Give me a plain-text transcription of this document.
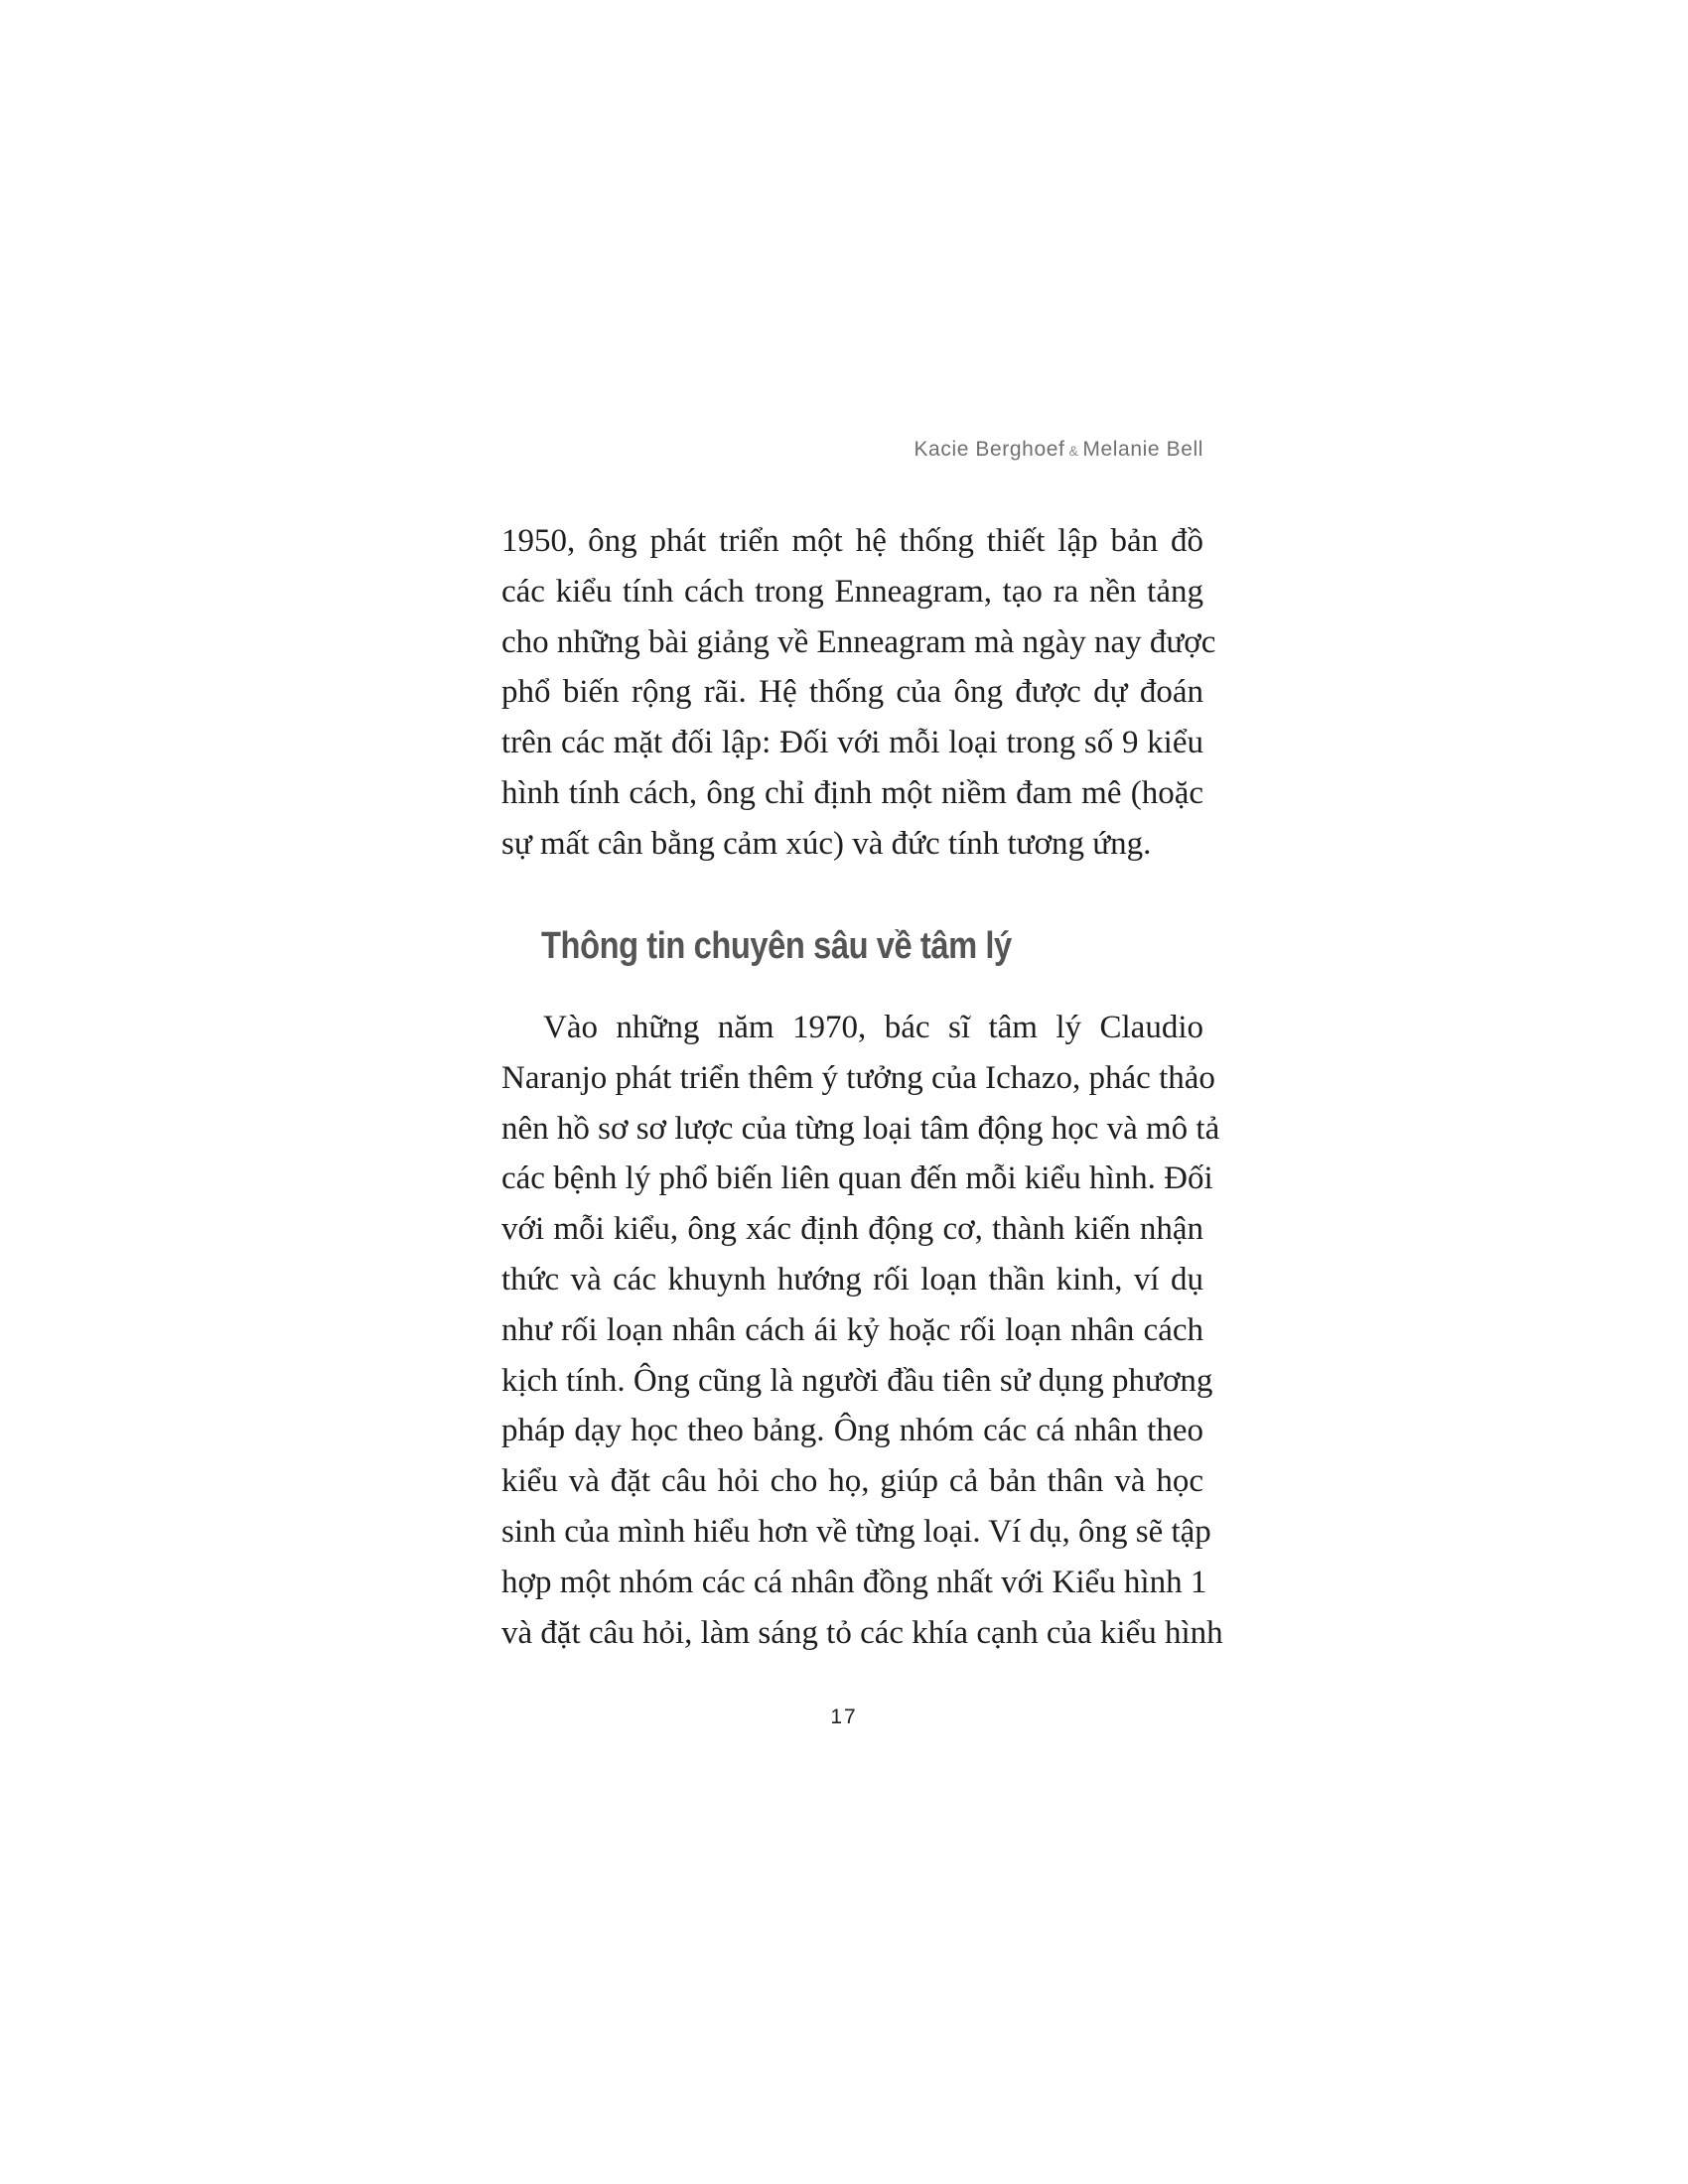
Kacie Berghoef & Melanie Bell
1950, ông phát triển một hệ thống thiết lập bản đồ
các kiểu tính cách trong Enneagram, tạo ra nền tảng
cho những bài giảng về Enneagram mà ngày nay được
phổ biến rộng rãi. Hệ thống của ông được dự đoán
trên các mặt đối lập: Đối với mỗi loại trong số 9 kiểu
hình tính cách, ông chỉ định một niềm đam mê (hoặc
sự mất cân bằng cảm xúc) và đức tính tương ứng.
Thông tin chuyên sâu về tâm lý
Vào những năm 1970, bác sĩ tâm lý Claudio
Naranjo phát triển thêm ý tưởng của Ichazo, phác thảo
nên hồ sơ sơ lược của từng loại tâm động học và mô tả
các bệnh lý phổ biến liên quan đến mỗi kiểu hình. Đối
với mỗi kiểu, ông xác định động cơ, thành kiến nhận
thức và các khuynh hướng rối loạn thần kinh, ví dụ
như rối loạn nhân cách ái kỷ hoặc rối loạn nhân cách
kịch tính. Ông cũng là người đầu tiên sử dụng phương
pháp dạy học theo bảng. Ông nhóm các cá nhân theo
kiểu và đặt câu hỏi cho họ, giúp cả bản thân và học
sinh của mình hiểu hơn về từng loại. Ví dụ, ông sẽ tập
hợp một nhóm các cá nhân đồng nhất với Kiểu hình 1
và đặt câu hỏi, làm sáng tỏ các khía cạnh của kiểu hình
17
